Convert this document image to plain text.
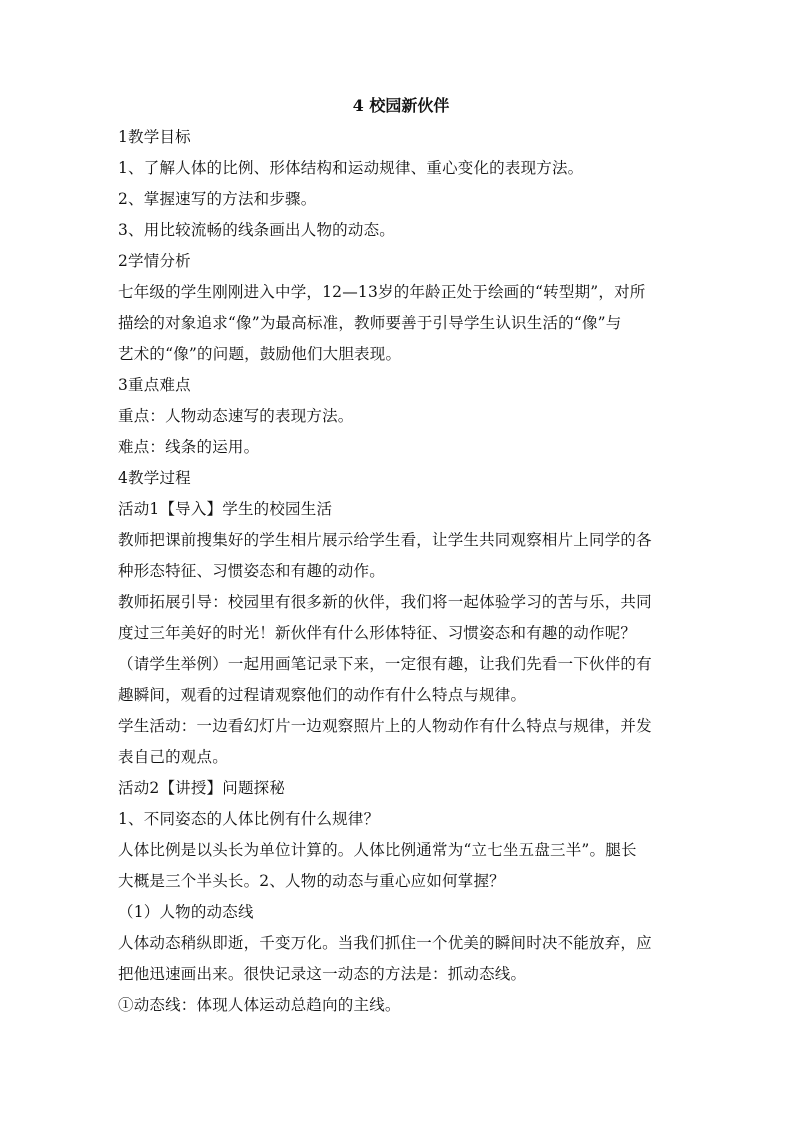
4 校园新伙伴

1教学目标

1、了解人体的比例、形体结构和运动规律、重心变化的表现方法。

2、掌握速写的方法和步骤。

3、用比较流畅的线条画出人物的动态。

2学情分析

七年级的学生刚刚进入中学，12—13岁的年龄正处于绘画的“转型期”，对所

描绘的对象追求“像”为最高标准，教师要善于引导学生认识生活的“像”与

艺术的“像”的问题，鼓励他们大胆表现。

3重点难点

重点：人物动态速写的表现方法。

难点：线条的运用。

4教学过程

活动1【导入】学生的校园生活

教师把课前搜集好的学生相片展示给学生看，让学生共同观察相片上同学的各

种形态特征、习惯姿态和有趣的动作。

教师拓展引导：校园里有很多新的伙伴，我们将一起体验学习的苦与乐，共同

度过三年美好的时光！新伙伴有什么形体特征、习惯姿态和有趣的动作呢？

（请学生举例）一起用画笔记录下来，一定很有趣，让我们先看一下伙伴的有

趣瞬间，观看的过程请观察他们的动作有什么特点与规律。

学生活动：一边看幻灯片一边观察照片上的人物动作有什么特点与规律，并发

表自己的观点。

活动2【讲授】问题探秘

1、不同姿态的人体比例有什么规律？

人体比例是以头长为单位计算的。人体比例通常为“立七坐五盘三半”。腿长

大概是三个半头长。2、人物的动态与重心应如何掌握？

（1）人物的动态线

人体动态稍纵即逝，千变万化。当我们抓住一个优美的瞬间时决不能放弃，应

把他迅速画出来。很快记录这一动态的方法是：抓动态线。

①动态线：体现人体运动总趋向的主线。
